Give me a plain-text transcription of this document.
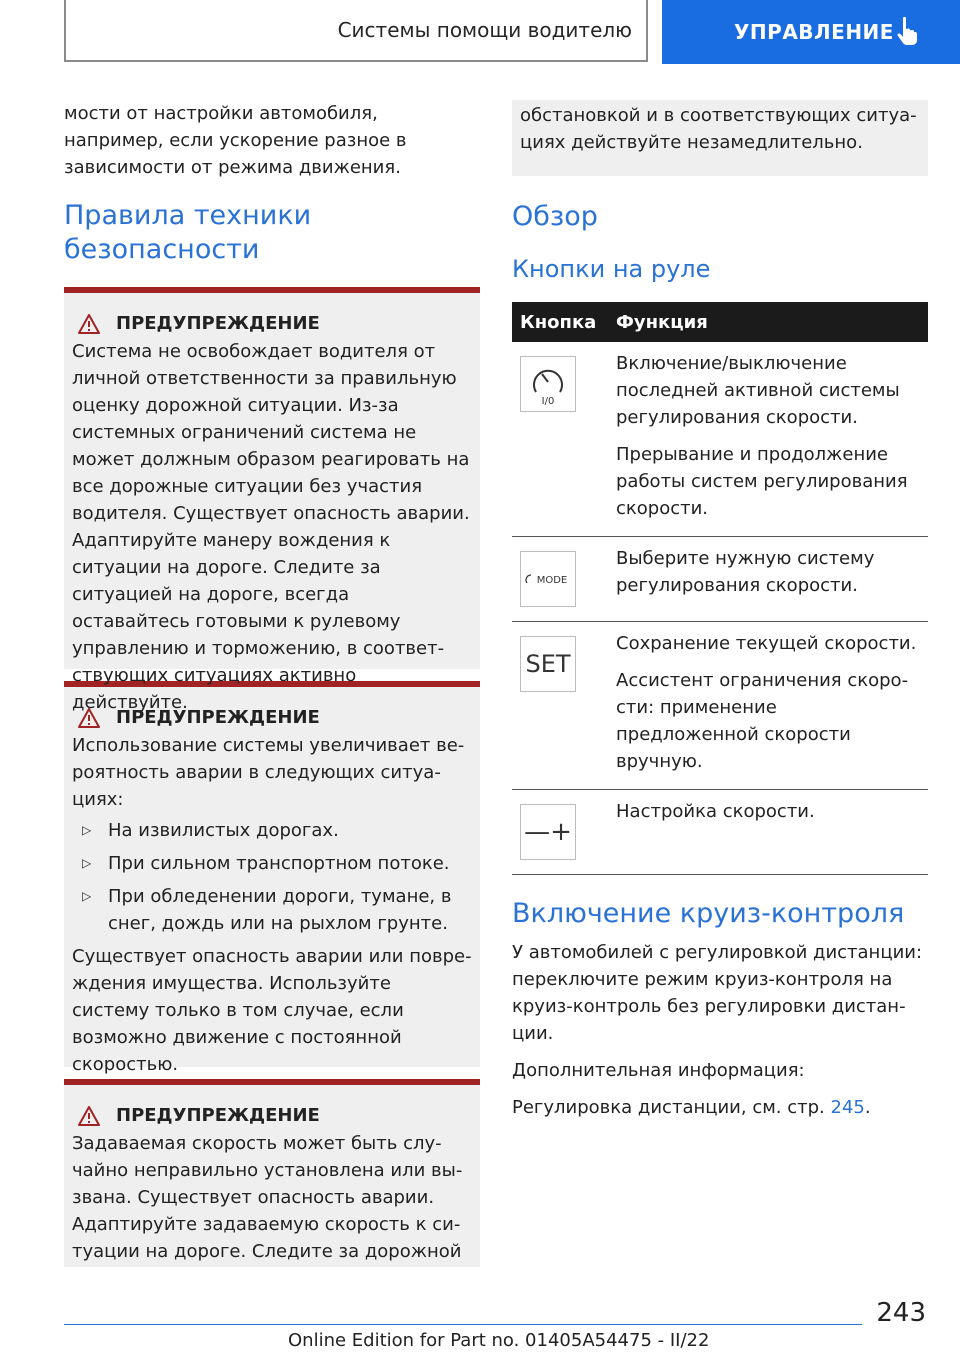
Системы помощи водителю	УПРАВЛЕНИЕ

мости от настройки автомобиля, например, если ускорение разное в зависимости от режима движения.

Правила техники безопасности
ПРЕДУПРЕЖДЕНИЕ

Система не освобождает водителя от личной ответственности за правильную оценку дорожной ситуации. Из-за системных ограничений система не может должным образом реагировать на все дорожные ситуации без участия водителя. Существует опасность аварии. Адаптируйте манеру вождения к ситуации на дороге. Следите за ситуацией на дороге, всегда оставайтесь готовыми к рулевому управлению и торможению, в соответствующих ситуациях активно действуйте.

ПРЕДУПРЕЖДЕНИЕ

Использование системы увеличивает вероятность аварии в следующих ситуациях:

▷ На извилистых дорогах.
▷ При сильном транспортном потоке.
▷ При обледенении дороги, тумане, в снег, дождь или на рыхлом грунте.

Существует опасность аварии или повреждения имущества. Используйте систему только в том случае, если возможно движение с постоянной скоростью.

ПРЕДУПРЕЖДЕНИЕ

Задаваемая скорость может быть случайно неправильно установлена или вызвана. Существует опасность аварии. Адаптируйте задаваемую скорость к ситуации на дороге. Следите за дорожной

обстановкой и в соответствующих ситуациях действуйте незамедлительно.

Обзор
Кнопки на руле
Кнопка	Функция

I/0	Включение/выключение последней активной системы регулирования скорости.

Прерывание и продолжение работы систем регулирования скорости.

MODE	Выберите нужную систему регулирования скорости.

SET	Сохранение текущей скорости.

Ассистент ограничения скорости: применение предложенной скорости вручную.

—+	Настройка скорости.

Включение круиз-контроля

У автомобилей с регулировкой дистанции: переключите режим круиз-контроля на круиз-контроль без регулировки дистанции.

Дополнительная информация:

Регулировка дистанции, см. стр. 245.

243
Online Edition for Part no. 01405A54475 - II/22
